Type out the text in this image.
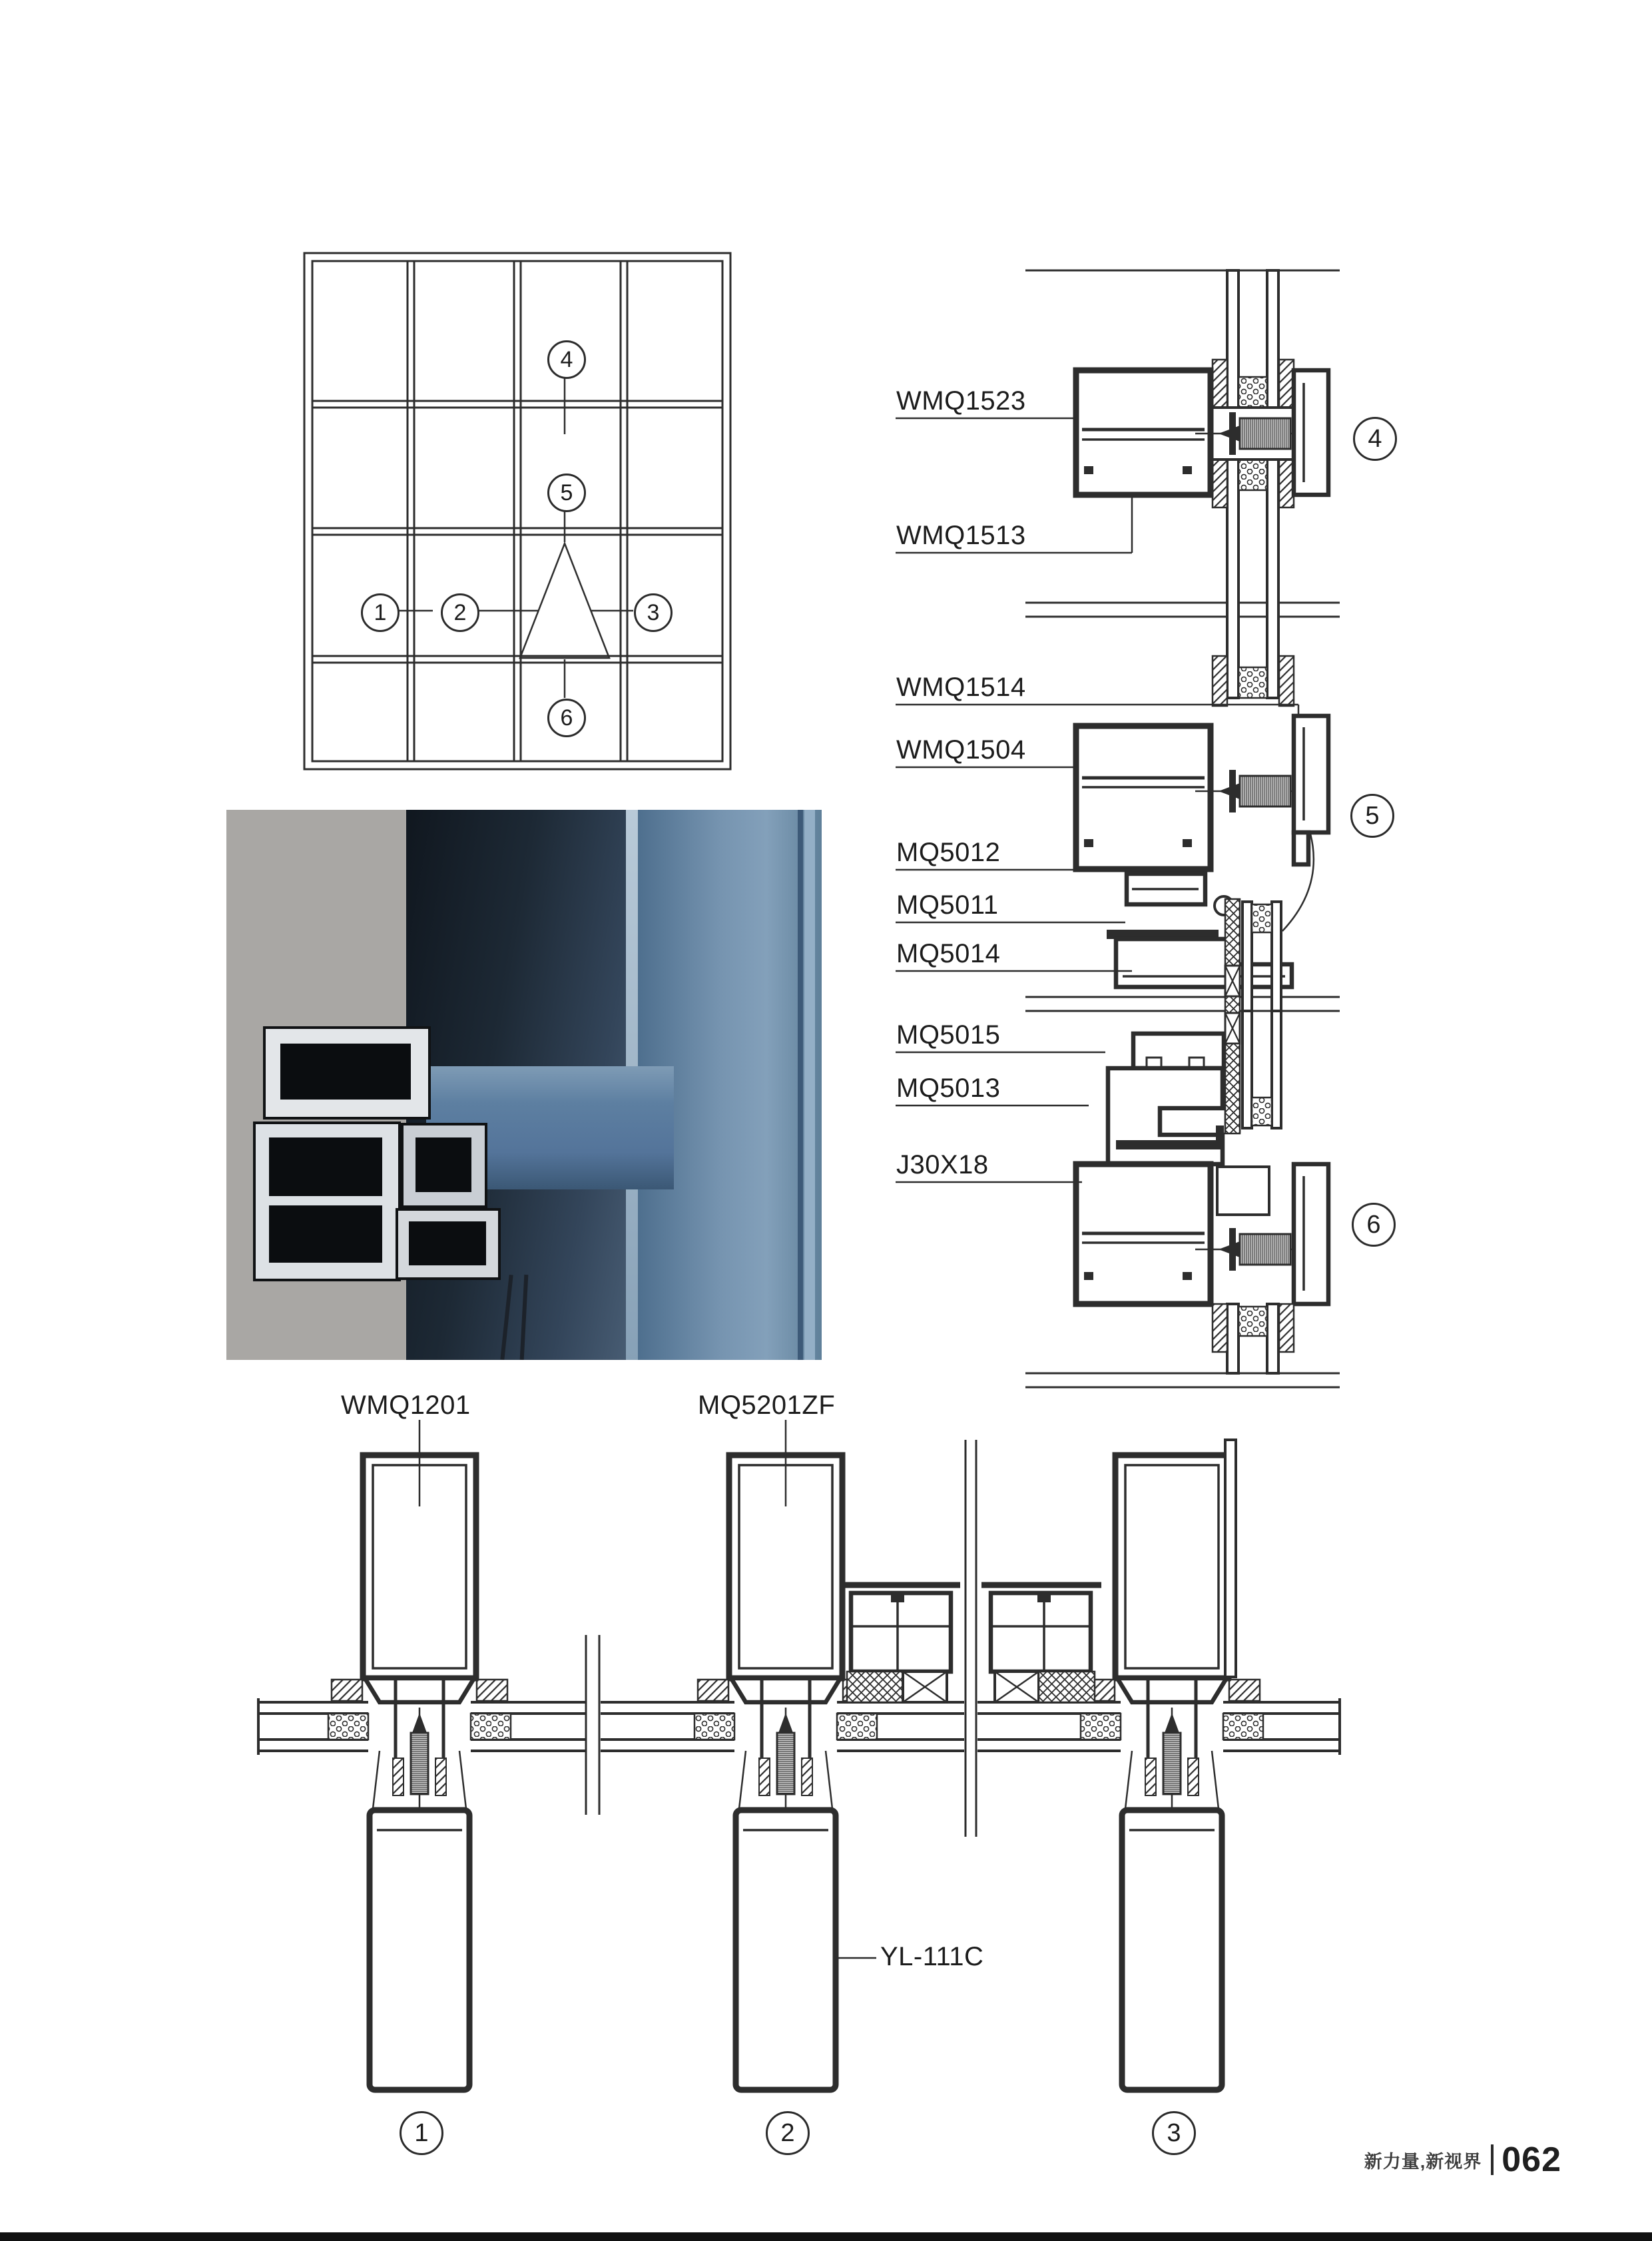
1	2	3
4
5
6
WMQ1523
WMQ1513
WMQ1514
WMQ1504
MQ5012
MQ5011
MQ5014
MQ5015
MQ5013
J30X18
4
5
6
WMQ1201	MQ5201ZF
YL-111C
1	2	3
新力量,新视界 062
